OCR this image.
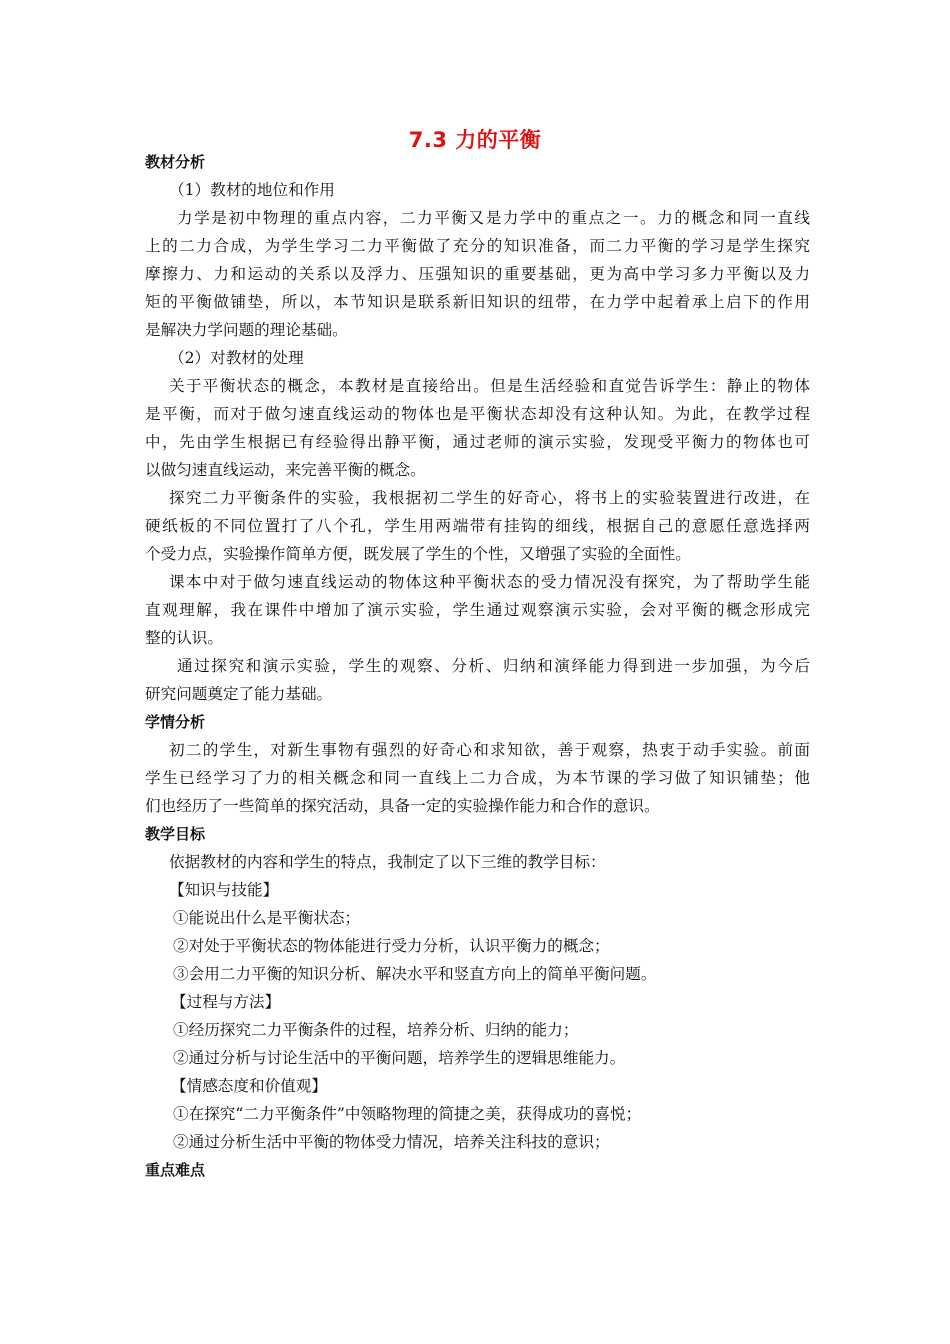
7.3 力的平衡
教材分析
（1）教材的地位和作用
力学是初中物理的重点内容，二力平衡又是力学中的重点之一。力的概念和同一直线
上的二力合成，为学生学习二力平衡做了充分的知识准备，而二力平衡的学习是学生探究
摩擦力、力和运动的关系以及浮力、压强知识的重要基础，更为高中学习多力平衡以及力
矩的平衡做铺垫，所以，本节知识是联系新旧知识的纽带，在力学中起着承上启下的作用
是解决力学问题的理论基础。
（2）对教材的处理
关于平衡状态的概念，本教材是直接给出。但是生活经验和直觉告诉学生：静止的物体
是平衡，而对于做匀速直线运动的物体也是平衡状态却没有这种认知。为此，在教学过程
中，先由学生根据已有经验得出静平衡，通过老师的演示实验，发现受平衡力的物体也可
以做匀速直线运动，来完善平衡的概念。
探究二力平衡条件的实验，我根据初二学生的好奇心，将书上的实验装置进行改进，在
硬纸板的不同位置打了八个孔，学生用两端带有挂钩的细线，根据自己的意愿任意选择两
个受力点，实验操作简单方便，既发展了学生的个性，又增强了实验的全面性。
课本中对于做匀速直线运动的物体这种平衡状态的受力情况没有探究，为了帮助学生能
直观理解，我在课件中增加了演示实验，学生通过观察演示实验，会对平衡的概念形成完
整的认识。
通过探究和演示实验，学生的观察、分析、归纳和演绎能力得到进一步加强，为今后
研究问题奠定了能力基础。
学情分析
初二的学生，对新生事物有强烈的好奇心和求知欲，善于观察，热衷于动手实验。前面
学生已经学习了力的相关概念和同一直线上二力合成，为本节课的学习做了知识铺垫；他
们也经历了一些简单的探究活动，具备一定的实验操作能力和合作的意识。
教学目标
依据教材的内容和学生的特点，我制定了以下三维的教学目标：
【知识与技能】
①能说出什么是平衡状态；
②对处于平衡状态的物体能进行受力分析，认识平衡力的概念；
③会用二力平衡的知识分析、解决水平和竖直方向上的简单平衡问题。
【过程与方法】
①经历探究二力平衡条件的过程，培养分析、归纳的能力；
②通过分析与讨论生活中的平衡问题，培养学生的逻辑思维能力。
【情感态度和价值观】
①在探究“二力平衡条件”中领略物理的简捷之美，获得成功的喜悦；
②通过分析生活中平衡的物体受力情况，培养关注科技的意识；
重点难点
